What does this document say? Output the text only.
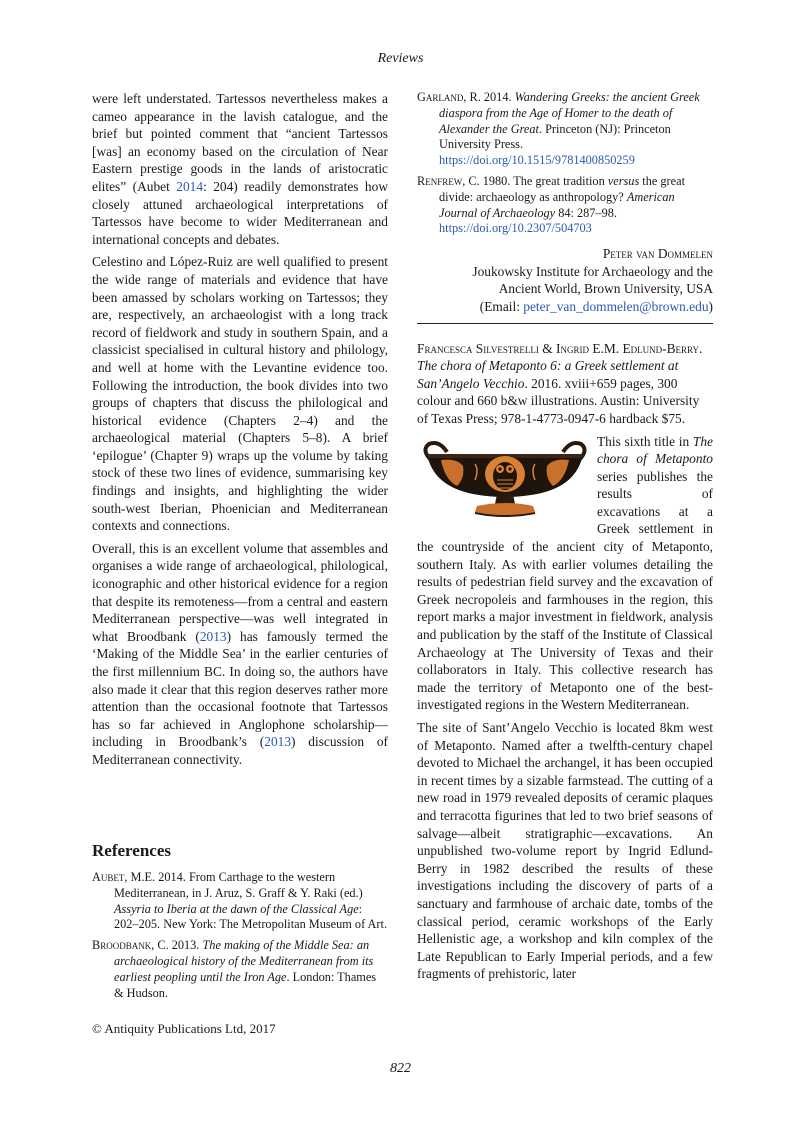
Reviews

were left understated. Tartessos nevertheless makes a cameo appearance in the lavish catalogue, and the brief but pointed comment that “ancient Tartessos [was] an economy based on the circulation of Near Eastern prestige goods in the lands of aristocratic elites” (Aubet 2014: 204) readily demonstrates how closely attuned archaeological interpretations of Tartessos have become to wider Mediterranean and international concepts and debates.

Celestino and López-Ruiz are well qualified to present the wide range of materials and evidence that have been amassed by scholars working on Tartessos; they are, respectively, an archaeologist with a long track record of fieldwork and study in southern Spain, and a classicist specialised in cultural history and philology, and well at home with the Levantine evidence too. Following the introduction, the book divides into two groups of chapters that discuss the philological and historical evidence (Chapters 2–4) and the archaeological material (Chapters 5–8). A brief ‘epilogue’ (Chapter 9) wraps up the volume by taking stock of these two lines of evidence, summarising key findings and insights, and highlighting the wider south-west Iberian, Phoenician and Mediterranean contexts and connections.

Overall, this is an excellent volume that assembles and organises a wide range of archaeological, philological, iconographic and other historical evidence for a region that despite its remoteness—from a central and eastern Mediterranean perspective—was well integrated in what Broodbank (2013) has famously termed the ‘Making of the Middle Sea’ in the earlier centuries of the first millennium BC. In doing so, the authors have also made it clear that this region deserves rather more attention than the occasional footnote that Tartessos has so far achieved in Anglophone scholarship—including in Broodbank’s (2013) discussion of Mediterranean connectivity.

References

Aubet, M.E. 2014. From Carthage to the western Mediterranean, in J. Aruz, S. Graff & Y. Raki (ed.) Assyria to Iberia at the dawn of the Classical Age: 202–205. New York: The Metropolitan Museum of Art.

Broodbank, C. 2013. The making of the Middle Sea: an archaeological history of the Mediterranean from its earliest peopling until the Iron Age. London: Thames & Hudson.

© Antiquity Publications Ltd, 2017

Garland, R. 2014. Wandering Greeks: the ancient Greek diaspora from the Age of Homer to the death of Alexander the Great. Princeton (NJ): Princeton University Press.
https://doi.org/10.1515/9781400850259

Renfrew, C. 1980. The great tradition versus the great divide: archaeology as anthropology? American Journal of Archaeology 84: 287–98.
https://doi.org/10.2307/504703

Peter van Dommelen
Joukowsky Institute for Archaeology and the
Ancient World, Brown University, USA
(Email: peter_van_dommelen@brown.edu)

Francesca Silvestrelli & Ingrid E.M. Edlund-Berry. The chora of Metaponto 6: a Greek settlement at San’Angelo Vecchio. 2016. xviii+659 pages, 300 colour and 660 b&w illustrations. Austin: University of Texas Press; 978-1-4773-0947-6 hardback $75.

This sixth title in The chora of Metaponto series publishes the results of excavations at a Greek settlement in the countryside of the ancient city of Metaponto, southern Italy. As with earlier volumes detailing the results of pedestrian field survey and the excavation of Greek necropoleis and farmhouses in the region, this report marks a major investment in fieldwork, analysis and publication by the staff of the Institute of Classical Archaeology at The University of Texas and their collaborators in Italy. This collective research has made the territory of Metaponto one of the best-investigated regions in the Western Mediterranean.

The site of Sant’Angelo Vecchio is located 8km west of Metaponto. Named after a twelfth-century chapel devoted to Michael the archangel, it has been occupied in recent times by a sizable farmstead. The cutting of a new road in 1979 revealed deposits of ceramic plaques and terracotta figurines that led to two brief seasons of salvage—albeit stratigraphic—excavations. An unpublished two-volume report by Ingrid Edlund-Berry in 1982 described the results of these investigations including the discovery of parts of a sanctuary and farmhouse of archaic date, tombs of the classical period, ceramic workshops of the Early Hellenistic age, a workshop and kiln complex of the Late Republican to Early Imperial periods, and a few fragments of prehistoric, later

822
